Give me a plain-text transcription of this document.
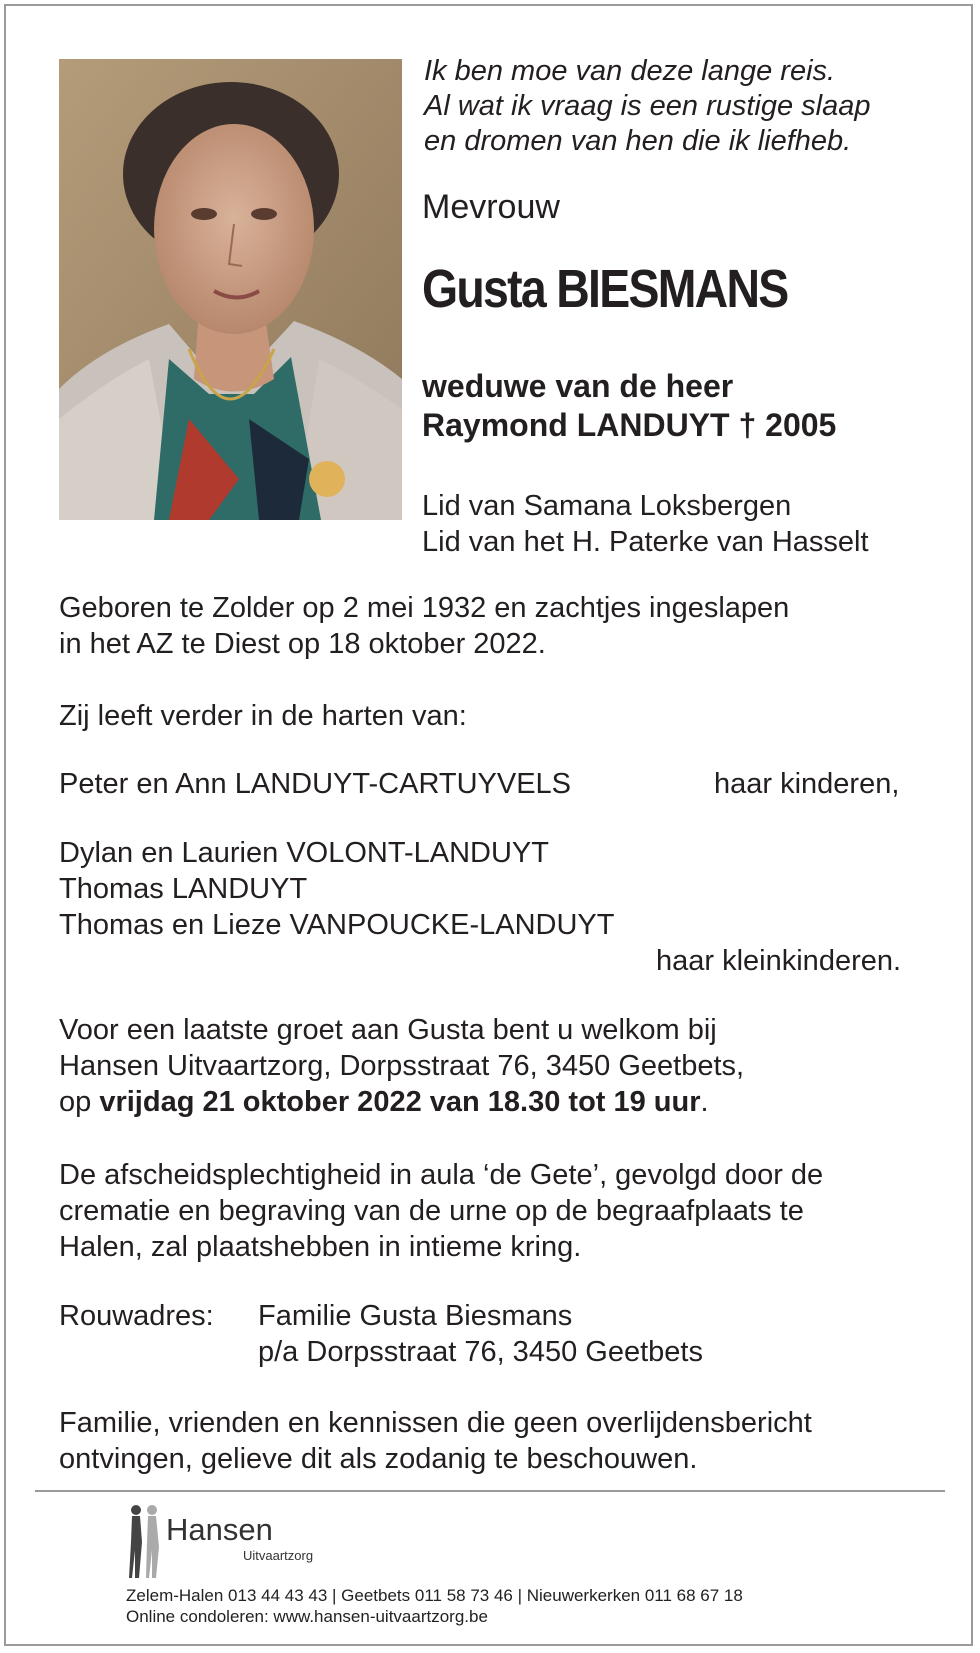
Ik ben moe van deze lange reis.
Al wat ik vraag is een rustige slaap
en dromen van hen die ik liefheb.
Mevrouw
Gusta BIESMANS
weduwe van de heer
Raymond LANDUYT † 2005
Lid van Samana Loksbergen
Lid van het H. Paterke van Hasselt
Geboren te Zolder op 2 mei 1932 en zachtjes ingeslapen
in het AZ te Diest op 18 oktober 2022.
Zij leeft verder in de harten van:
Peter en Ann LANDUYT-CARTUYVELS	haar kinderen,
Dylan en Laurien VOLONT-LANDUYT
Thomas LANDUYT
Thomas en Lieze VANPOUCKE-LANDUYT
haar kleinkinderen.
Voor een laatste groet aan Gusta bent u welkom bij
Hansen Uitvaartzorg, Dorpsstraat 76, 3450 Geetbets,
op vrijdag 21 oktober 2022 van 18.30 tot 19 uur.
De afscheidsplechtigheid in aula ‘de Gete’, gevolgd door de
crematie en begraving van de urne op de begraafplaats te
Halen, zal plaatshebben in intieme kring.
Rouwadres: Familie Gusta Biesmans
p/a Dorpsstraat 76, 3450 Geetbets
Familie, vrienden en kennissen die geen overlijdensbericht
ontvingen, gelieve dit als zodanig te beschouwen.
Hansen
Uitvaartzorg
Zelem-Halen 013 44 43 43 | Geetbets 011 58 73 46 | Nieuwerkerken 011 68 67 18
Online condoleren: www.hansen-uitvaartzorg.be
